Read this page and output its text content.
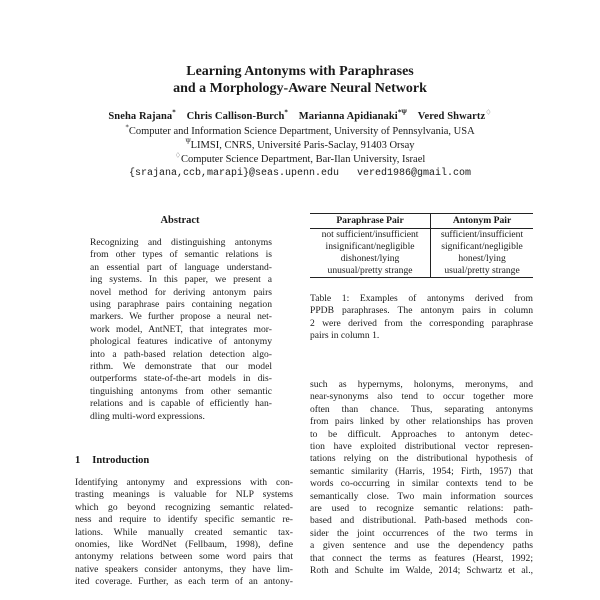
Learning Antonyms with Paraphrases
and a Morphology-Aware Neural Network
Sneha Rajana* Chris Callison-Burch* Marianna Apidianaki$^{*\Psi}$ Vered Shwartz♢
*Computer and Information Science Department, University of Pennsylvania, USA
$^\Psi$LIMSI, CNRS, Université Paris-Saclay, 91403 Orsay
♢Computer Science Department, Bar-Ilan University, Israel
{srajana,ccb,marapi}@seas.upenn.edu vered1986@gmail.com
Abstract
Recognizing and distinguishing antonyms
from other types of semantic relations is
an essential part of language understand-
ing systems. In this paper, we present a
novel method for deriving antonym pairs
using paraphrase pairs containing negation
markers. We further propose a neural net-
work model, AntNET, that integrates mor-
phological features indicative of antonymy
into a path-based relation detection algo-
rithm. We demonstrate that our model
outperforms state-of-the-art models in dis-
tinguishing antonyms from other semantic
relations and is capable of efficiently han-
dling multi-word expressions.
1 Introduction
Identifying antonymy and expressions with con-
trasting meanings is valuable for NLP systems
which go beyond recognizing semantic related-
ness and require to identify specific semantic re-
lations. While manually created semantic tax-
onomies, like WordNet (Fellbaum, 1998), define
antonymy relations between some word pairs that
native speakers consider antonyms, they have lim-
ited coverage. Further, as each term of an antony-
Paraphrase Pair	Antonym Pair
not sufficient/insufficient	sufficient/insufficient
insignificant/negligible	significant/negligible
dishonest/lying	honest/lying
unusual/pretty strange	usual/pretty strange
Table 1: Examples of antonyms derived from
PPDB paraphrases. The antonym pairs in column
2 were derived from the corresponding paraphrase
pairs in column 1.
such as hypernyms, holonyms, meronyms, and
near-synonyms also tend to occur together more
often than chance. Thus, separating antonyms
from pairs linked by other relationships has proven
to be difficult. Approaches to antonym detec-
tion have exploited distributional vector represen-
tations relying on the distributional hypothesis of
semantic similarity (Harris, 1954; Firth, 1957) that
words co-occurring in similar contexts tend to be
semantically close. Two main information sources
are used to recognize semantic relations: path-
based and distributional. Path-based methods con-
sider the joint occurrences of the two terms in
a given sentence and use the dependency paths
that connect the terms as features (Hearst, 1992;
Roth and Schulte im Walde, 2014; Schwartz et al.,
